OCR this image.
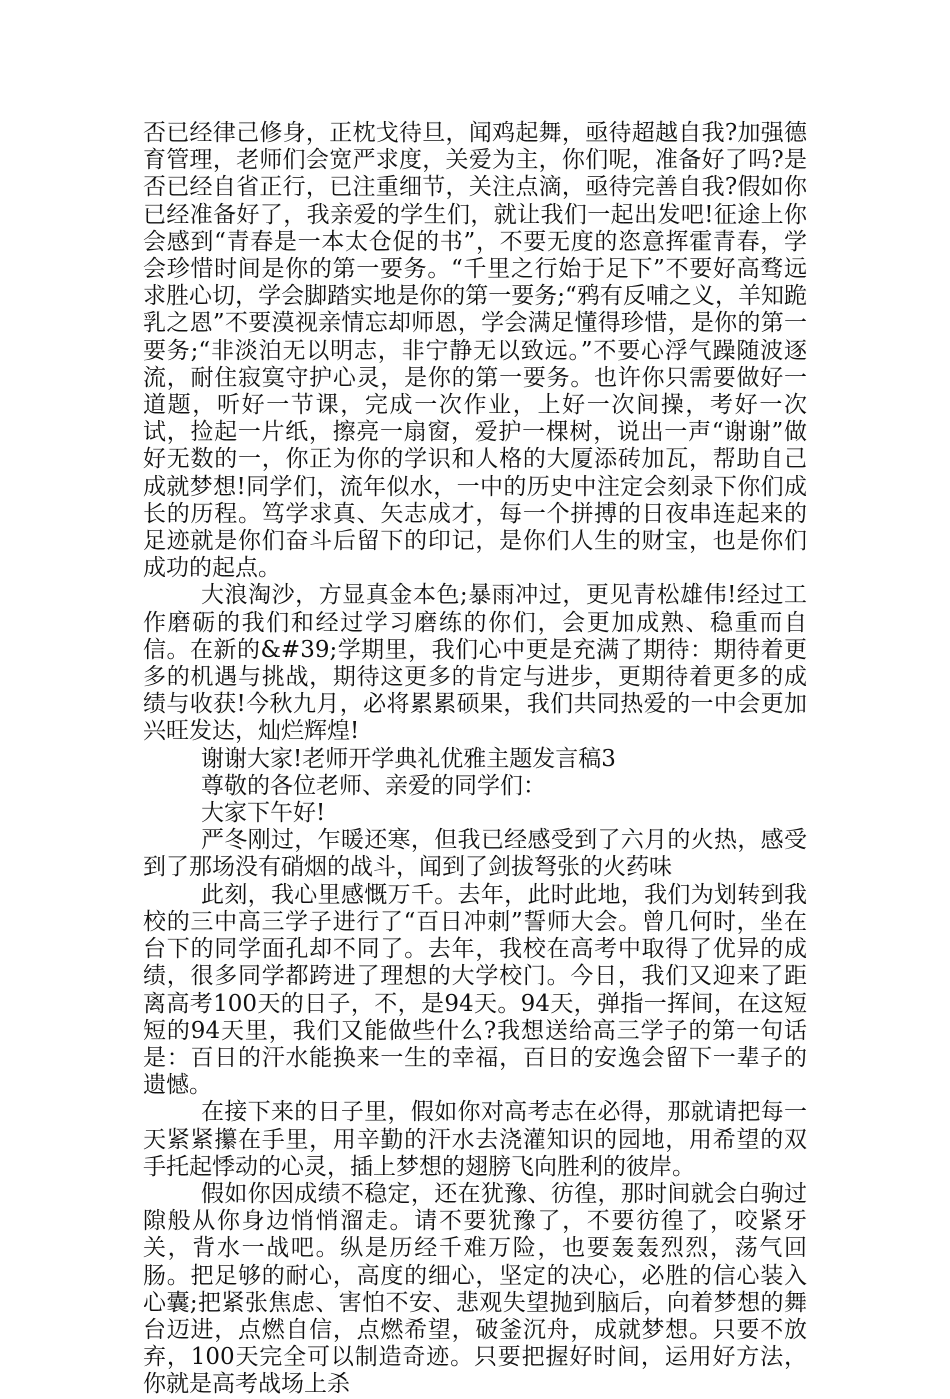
否已经律己修身，正枕戈待旦，闻鸡起舞，亟待超越自我?加强德育管理，老师们会宽严求度，关爱为主，你们呢，准备好了吗?是否已经自省正行，已注重细节，关注点滴，亟待完善自我?假如你已经准备好了，我亲爱的学生们，就让我们一起出发吧!征途上你会感到“青春是一本太仓促的书”，不要无度的恣意挥霍青春，学会珍惜时间是你的第一要务。“千里之行始于足下”不要好高骛远求胜心切，学会脚踏实地是你的第一要务;“鸦有反哺之义，羊知跪乳之恩”不要漠视亲情忘却师恩，学会满足懂得珍惜，是你的第一要务;“非淡泊无以明志，非宁静无以致远。”不要心浮气躁随波逐流，耐住寂寞守护心灵，是你的第一要务。也许你只需要做好一道题，听好一节课，完成一次作业，上好一次间操，考好一次试，捡起一片纸，擦亮一扇窗，爱护一棵树，说出一声“谢谢”做好无数的一，你正为你的学识和人格的大厦添砖加瓦，帮助自己成就梦想!同学们，流年似水，一中的历史中注定会刻录下你们成长的历程。笃学求真、矢志成才，每一个拼搏的日夜串连起来的足迹就是你们奋斗后留下的印记，是你们人生的财宝，也是你们成功的起点。

大浪淘沙，方显真金本色;暴雨冲过，更见青松雄伟!经过工作磨砺的我们和经过学习磨练的你们，会更加成熟、稳重而自信。在新的&#39;学期里，我们心中更是充满了期待：期待着更多的机遇与挑战，期待这更多的肯定与进步，更期待着更多的成绩与收获!今秋九月，必将累累硕果，我们共同热爱的一中会更加兴旺发达，灿烂辉煌!

谢谢大家!老师开学典礼优雅主题发言稿3

尊敬的各位老师、亲爱的同学们：

大家下午好!

严冬刚过，乍暖还寒，但我已经感受到了六月的火热，感受到了那场没有硝烟的战斗，闻到了剑拔弩张的火药味

此刻，我心里感慨万千。去年，此时此地，我们为划转到我校的三中高三学子进行了“百日冲刺”誓师大会。曾几何时，坐在台下的同学面孔却不同了。去年，我校在高考中取得了优异的成绩，很多同学都跨进了理想的大学校门。今日，我们又迎来了距离高考100天的日子，不，是94天。94天，弹指一挥间，在这短短的94天里，我们又能做些什么?我想送给高三学子的第一句话是：百日的汗水能换来一生的幸福，百日的安逸会留下一辈子的遗憾。

在接下来的日子里，假如你对高考志在必得，那就请把每一天紧紧攥在手里，用辛勤的汗水去浇灌知识的园地，用希望的双手托起悸动的心灵，插上梦想的翅膀飞向胜利的彼岸。

假如你因成绩不稳定，还在犹豫、彷徨，那时间就会白驹过隙般从你身边悄悄溜走。请不要犹豫了，不要彷徨了，咬紧牙关，背水一战吧。纵是历经千难万险，也要轰轰烈烈，荡气回肠。把足够的耐心，高度的细心，坚定的决心，必胜的信心装入心囊;把紧张焦虑、害怕不安、悲观失望抛到脑后，向着梦想的舞台迈进，点燃自信，点燃希望，破釜沉舟，成就梦想。只要不放弃，100天完全可以制造奇迹。只要把握好时间，运用好方法，你就是高考战场上杀
